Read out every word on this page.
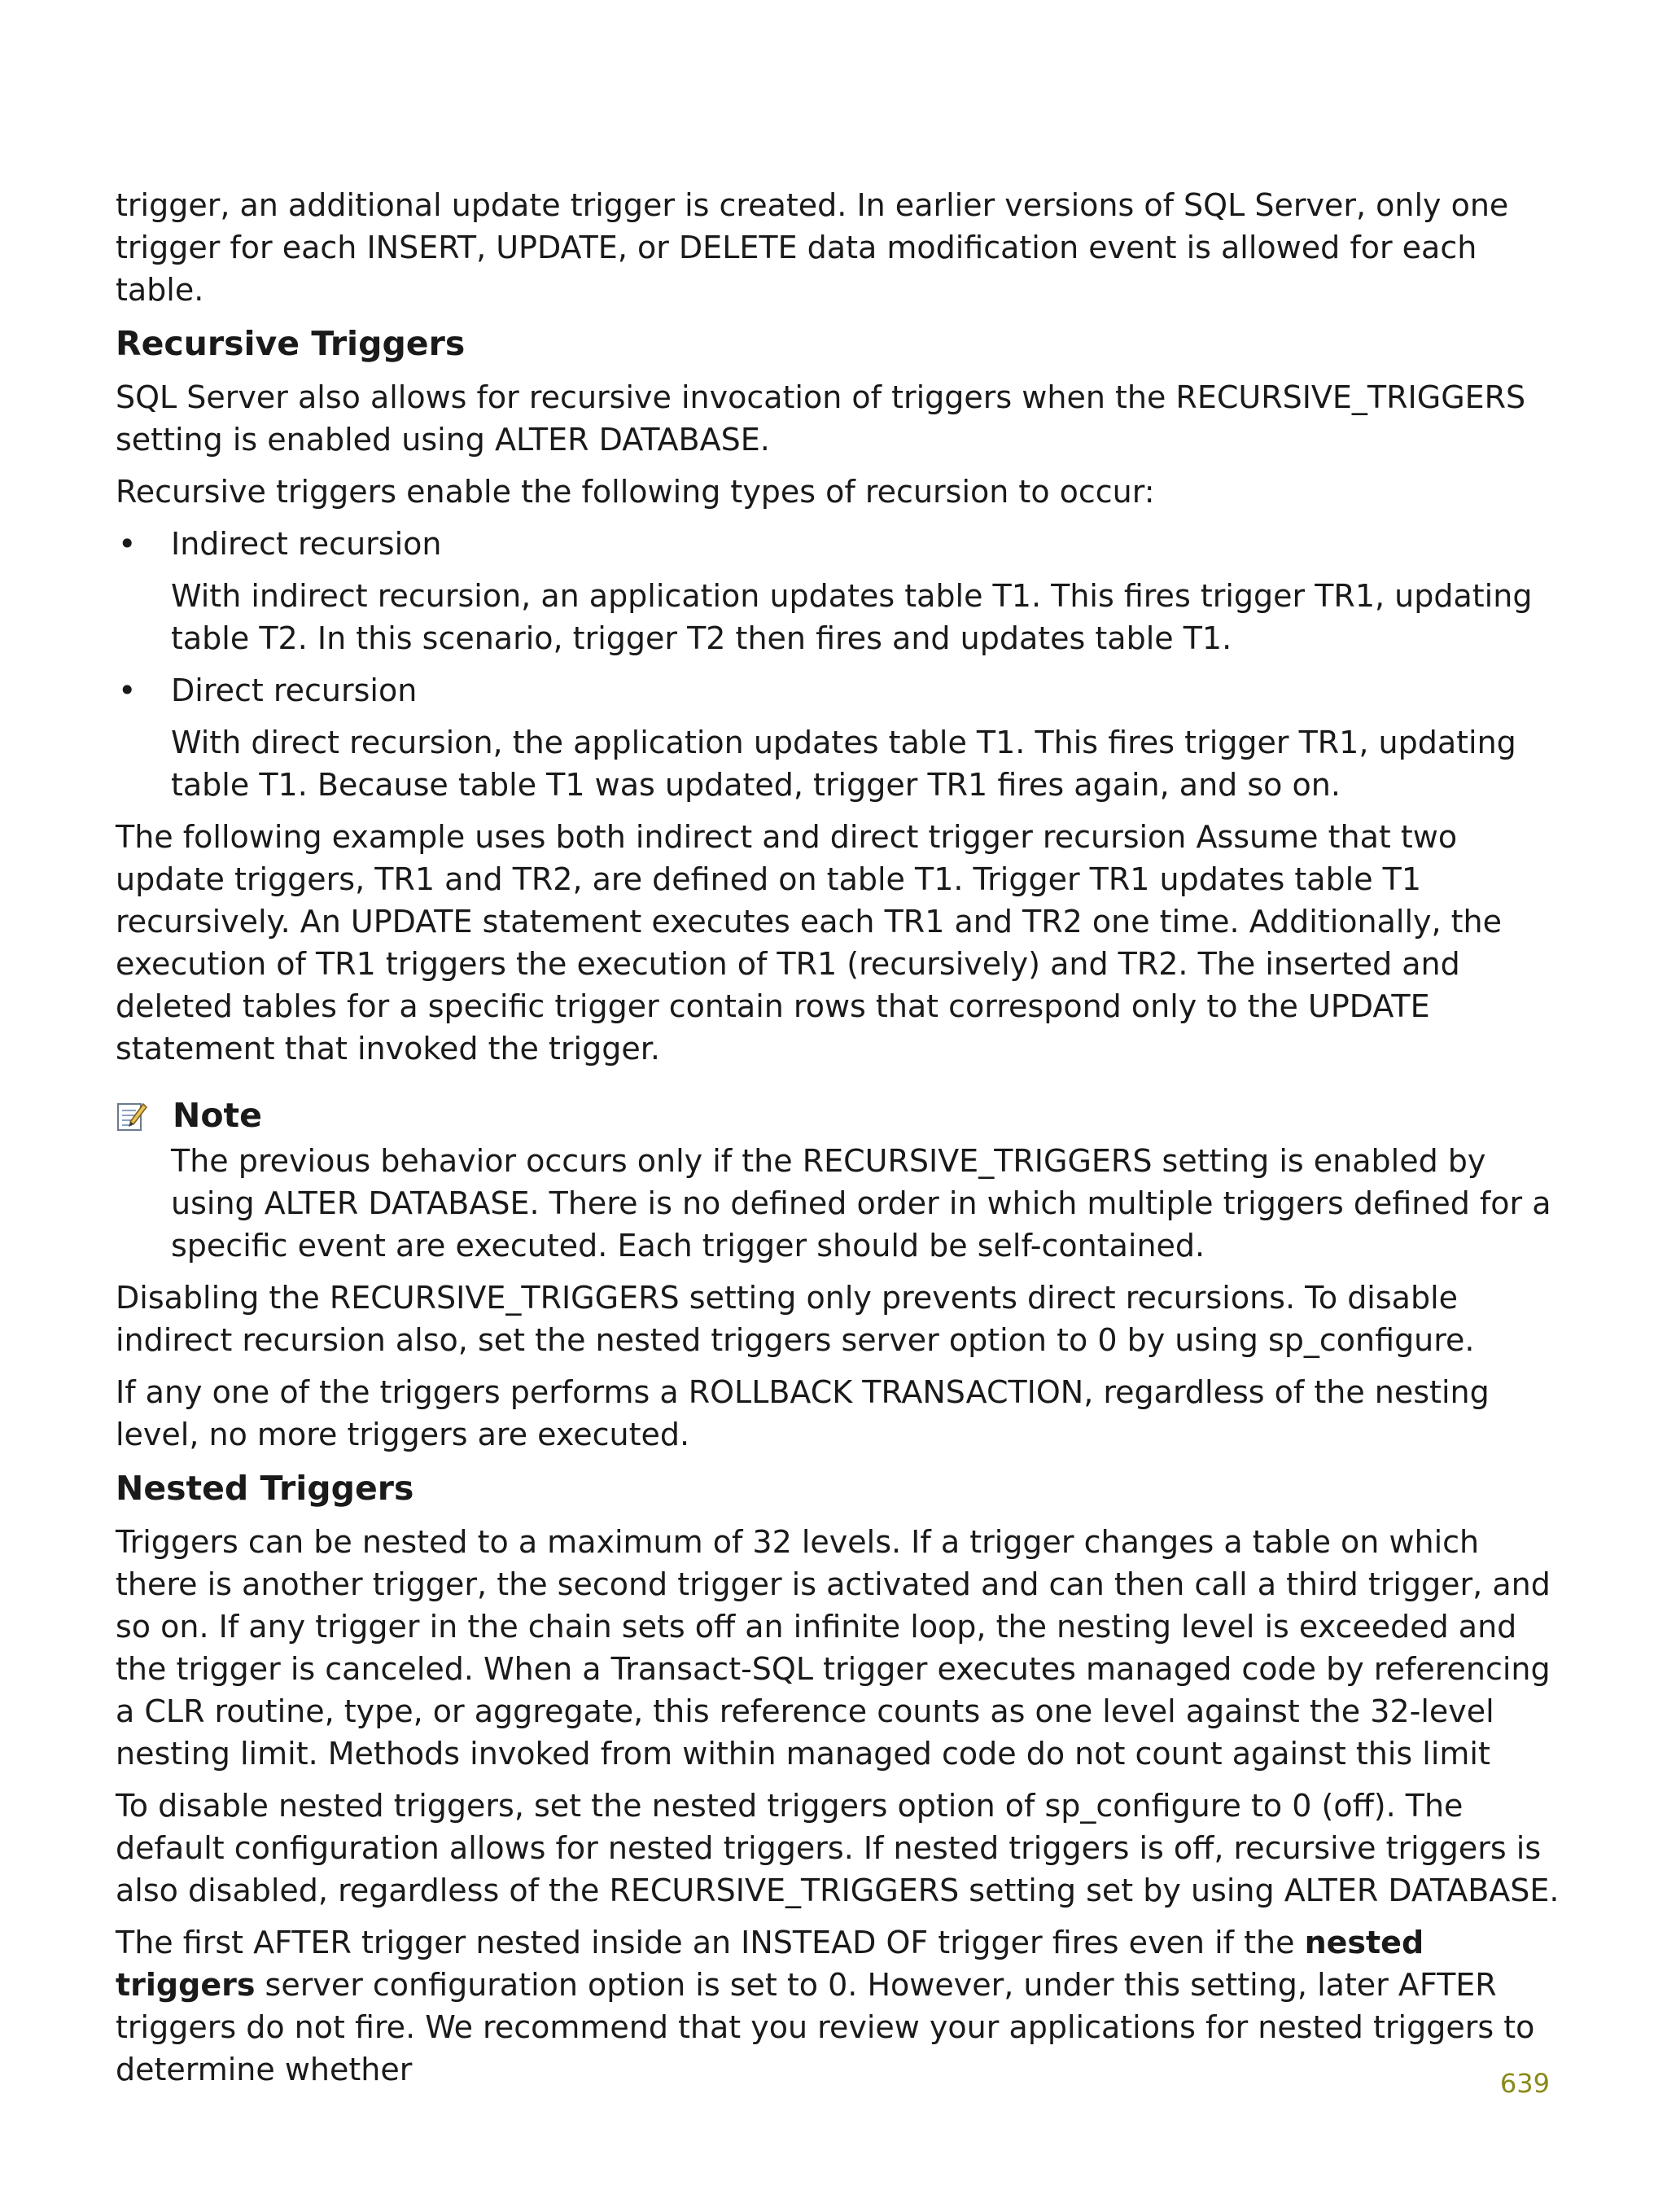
trigger, an additional update trigger is created. In earlier versions of SQL Server, only one trigger for each INSERT, UPDATE, or DELETE data modification event is allowed for each table.

Recursive Triggers

SQL Server also allows for recursive invocation of triggers when the RECURSIVE_TRIGGERS setting is enabled using ALTER DATABASE.

Recursive triggers enable the following types of recursion to occur:

• Indirect recursion

With indirect recursion, an application updates table T1. This fires trigger TR1, updating table T2. In this scenario, trigger T2 then fires and updates table T1.

• Direct recursion

With direct recursion, the application updates table T1. This fires trigger TR1, updating table T1. Because table T1 was updated, trigger TR1 fires again, and so on.

The following example uses both indirect and direct trigger recursion Assume that two update triggers, TR1 and TR2, are defined on table T1. Trigger TR1 updates table T1 recursively. An UPDATE statement executes each TR1 and TR2 one time. Additionally, the execution of TR1 triggers the execution of TR1 (recursively) and TR2. The inserted and deleted tables for a specific trigger contain rows that correspond only to the UPDATE statement that invoked the trigger.

Note

The previous behavior occurs only if the RECURSIVE_TRIGGERS setting is enabled by using ALTER DATABASE. There is no defined order in which multiple triggers defined for a specific event are executed. Each trigger should be self-contained.

Disabling the RECURSIVE_TRIGGERS setting only prevents direct recursions. To disable indirect recursion also, set the nested triggers server option to 0 by using sp_configure.

If any one of the triggers performs a ROLLBACK TRANSACTION, regardless of the nesting level, no more triggers are executed.

Nested Triggers

Triggers can be nested to a maximum of 32 levels. If a trigger changes a table on which there is another trigger, the second trigger is activated and can then call a third trigger, and so on. If any trigger in the chain sets off an infinite loop, the nesting level is exceeded and the trigger is canceled. When a Transact-SQL trigger executes managed code by referencing a CLR routine, type, or aggregate, this reference counts as one level against the 32-level nesting limit. Methods invoked from within managed code do not count against this limit

To disable nested triggers, set the nested triggers option of sp_configure to 0 (off). The default configuration allows for nested triggers. If nested triggers is off, recursive triggers is also disabled, regardless of the RECURSIVE_TRIGGERS setting set by using ALTER DATABASE.

The first AFTER trigger nested inside an INSTEAD OF trigger fires even if the nested triggers server configuration option is set to 0. However, under this setting, later AFTER triggers do not fire. We recommend that you review your applications for nested triggers to determine whether	639
